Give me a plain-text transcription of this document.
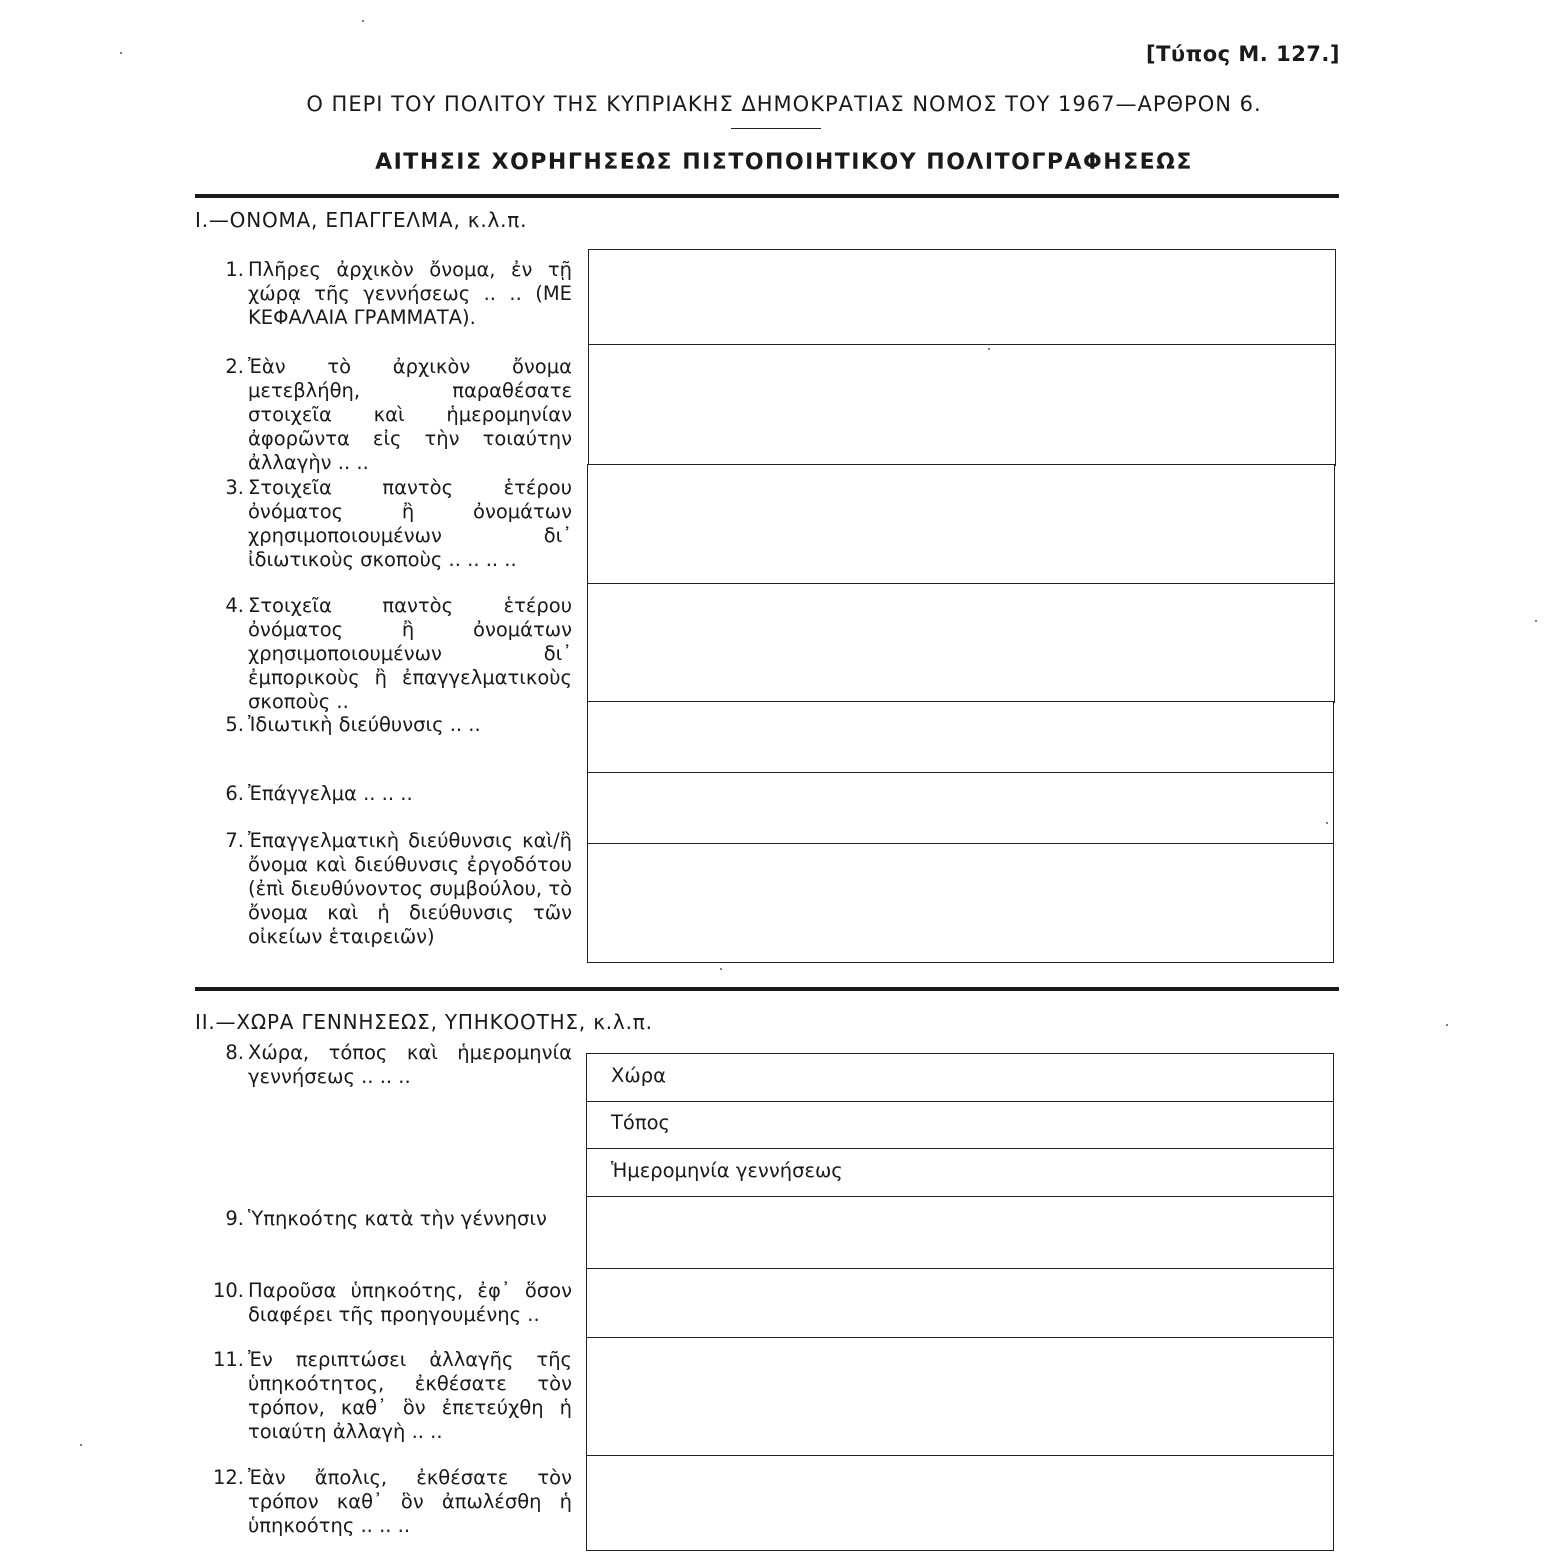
[Τύπος Μ. 127.]
Ο ΠΕΡΙ ΤΟΥ ΠΟΛΙΤΟΥ ΤΗΣ ΚΥΠΡΙΑΚΗΣ ΔΗΜΟΚΡΑΤΙΑΣ ΝΟΜΟΣ ΤΟΥ 1967—ΑΡΘΡΟΝ 6.
ΑΙΤΗΣΙΣ ΧΟΡΗΓΗΣΕΩΣ ΠΙΣΤΟΠΟΙΗΤΙΚΟΥ ΠΟΛΙΤΟΓΡΑΦΗΣΕΩΣ
I.—ΟΝΟΜΑ, ΕΠΑΓΓΕΛΜΑ, κ.λ.π.
1. Πλῆρες ἀρχικὸν ὄνομα, ἐν τῇ χώρᾳ τῆς γεννήσεως .. .. (ΜΕ ΚΕΦΑΛΑΙΑ ΓΡΑΜΜΑΤΑ).
2. Ἐὰν τὸ ἀρχικὸν ὄνομα μετεβλήθη, παραθέσατε στοιχεῖα καὶ ἡμερομηνίαν ἀφορῶντα εἰς τὴν τοιαύτην ἀλλαγὴν .. ..
3. Στοιχεῖα παντὸς ἑτέρου ὀνόματος ἢ ὀνομάτων χρησιμοποιουμένων δι᾽ ἰδιωτικοὺς σκοποὺς .. .. .. ..
4. Στοιχεῖα παντὸς ἑτέρου ὀνόματος ἢ ὀνομάτων χρησιμοποιουμένων δι᾽ ἐμπορικοὺς ἢ ἐπαγγελματικοὺς σκοποὺς ..
5. Ἰδιωτικὴ διεύθυνσις .. ..
6. Ἐπάγγελμα .. .. ..
7. Ἐπαγγελματικὴ διεύθυνσις καὶ/ἢ ὄνομα καὶ διεύθυνσις ἐργοδότου (ἐπὶ διευθύνοντος συμβούλου, τὸ ὄνομα καὶ ἡ διεύθυνσις τῶν οἰκείων ἑταιρειῶν)
II.—ΧΩΡΑ ΓΕΝΝΗΣΕΩΣ, ΥΠΗΚΟΟΤΗΣ, κ.λ.π.
8. Χώρα, τόπος καὶ ἡμερομηνία γεννήσεως .. .. ..	Χώρα
Τόπος
Ἡμερομηνία γεννήσεως
9. Ὑπηκοότης κατὰ τὴν γέννησιν
10. Παροῦσα ὑπηκοότης, ἐφ᾽ ὅσον διαφέρει τῆς προηγουμένης ..
11. Ἐν περιπτώσει ἀλλαγῆς τῆς ὑπηκοότητος, ἐκθέσατε τὸν τρόπον, καθ᾽ ὃν ἐπετεύχθη ἡ τοιαύτη ἀλλαγὴ .. ..
12. Ἐὰν ἄπολις, ἐκθέσατε τὸν τρόπον καθ᾽ ὃν ἀπωλέσθη ἡ ὑπηκοότης .. .. ..
